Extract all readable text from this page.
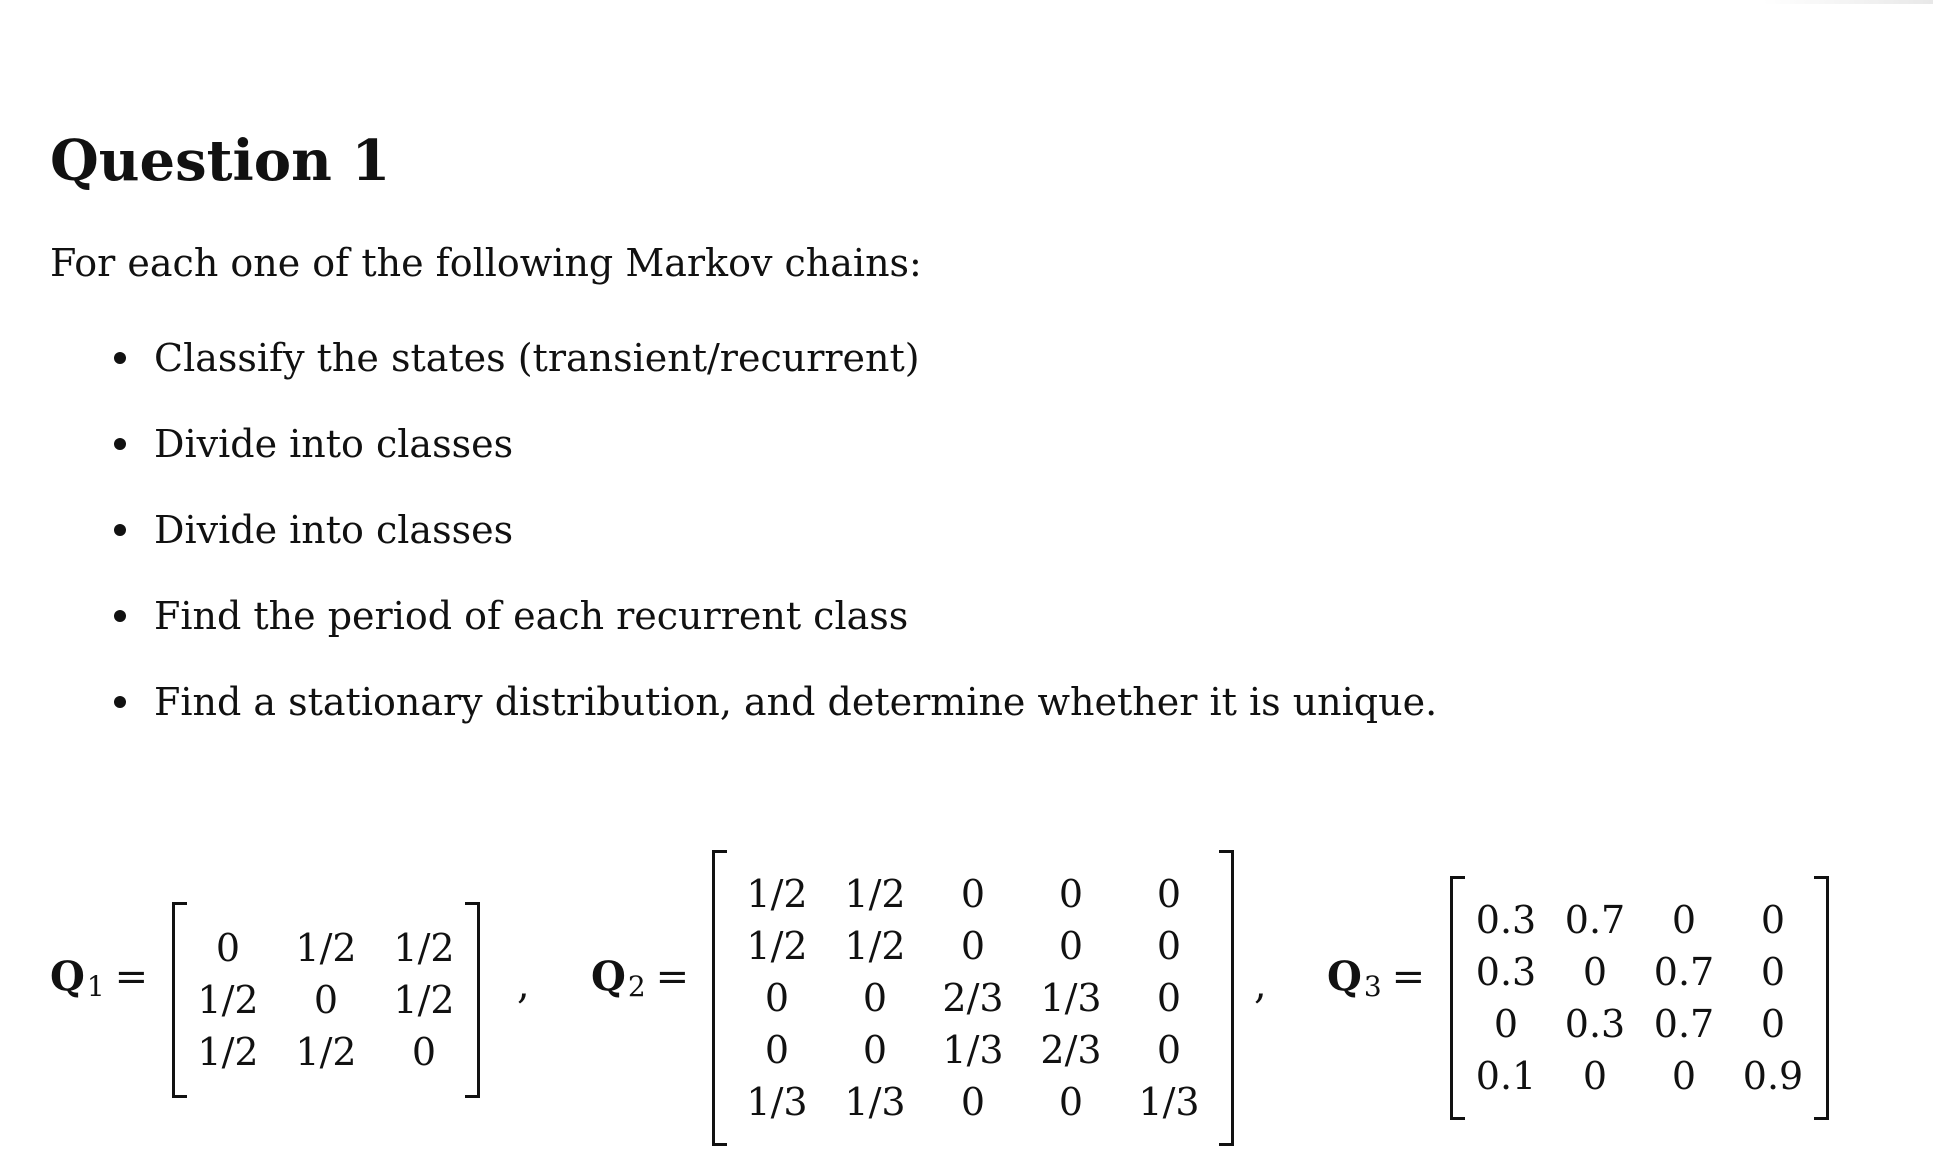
Question 1

For each one of the following Markov chains:

Classify the states (transient/recurrent)
Divide into classes
Divide into classes
Find the period of each recurrent class
Find a stationary distribution, and determine whether it is unique.
Q1 =
0 1/2 1/2
1/2 0 1/2
1/2 1/2 0
, Q2 =
1/2 1/2 0 0 0
1/2 1/2 0 0 0
0 0 2/3 1/3 0
0 0 1/3 2/3 0
1/3 1/3 0 0 1/3
, Q3 =
0.3 0.7 0 0
0.3 0 0.7 0
0 0.3 0.7 0
0.1 0 0 0.9
